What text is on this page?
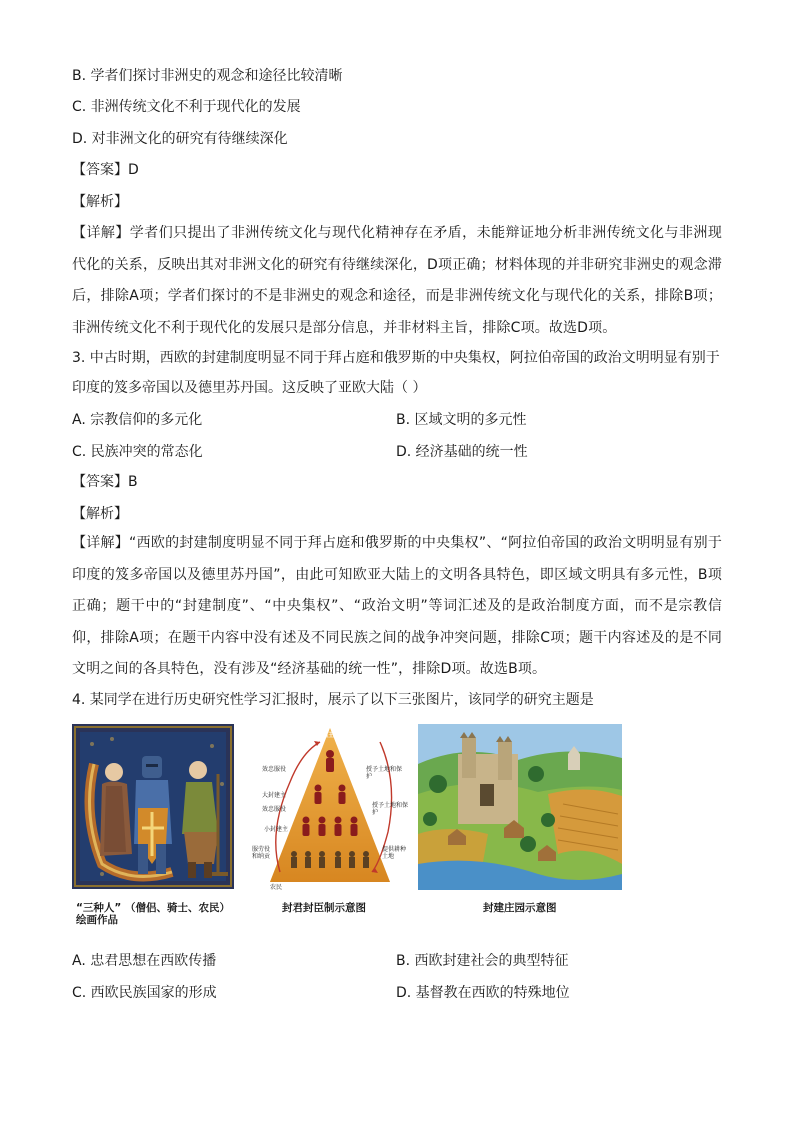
B. 学者们探讨非洲史的观念和途径比较清晰
C. 非洲传统文化不利于现代化的发展
D. 对非洲文化的研究有待继续深化
【答案】D
【解析】
【详解】学者们只提出了非洲传统文化与现代化精神存在矛盾，未能辩证地分析非洲传统文化与非洲现代化的关系，反映出其对非洲文化的研究有待继续深化，D项正确；材料体现的并非研究非洲史的观念滞后，排除A项；学者们探讨的不是非洲史的观念和途径，而是非洲传统文化与现代化的关系，排除B项；非洲传统文化不利于现代化的发展只是部分信息，并非材料主旨，排除C项。故选D项。
3. 中古时期，西欧的封建制度明显不同于拜占庭和俄罗斯的中央集权，阿拉伯帝国的政治文明明显有别于
印度的笈多帝国以及德里苏丹国。这反映了亚欧大陆（ ）
A. 宗教信仰的多元化	B. 区域文明的多元性
C. 民族冲突的常态化	D. 经济基础的统一性
【答案】B
【解析】
【详解】“西欧的封建制度明显不同于拜占庭和俄罗斯的中央集权”、“阿拉伯帝国的政治文明明显有别于印度的笈多帝国以及德里苏丹国”，由此可知欧亚大陆上的文明各具特色，即区域文明具有多元性，B项正确；题干中的“封建制度”、“中央集权”、“政治文明”等词汇述及的是政治制度方面，而不是宗教信仰，排除A项；在题干内容中没有述及不同民族之间的战争冲突问题，排除C项；题干内容述及的是不同文明之间的各具特色，没有涉及“经济基础的统一性”，排除D项。故选B项。
4. 某同学在进行历史研究性学习汇报时，展示了以下三张图片，该同学的研究主题是
“三种人” （僧侣、骑士、农民）
绘画作品
国王
效忠服役	授予土地和保护
大封建主
效忠服役
授予土地和保护
小封建主
服劳役和纳贡
提供耕种土地
农民
封君封臣制示意图	封建庄园示意图
A. 忠君思想在西欧传播	B. 西欧封建社会的典型特征
C. 西欧民族国家的形成	D. 基督教在西欧的特殊地位
